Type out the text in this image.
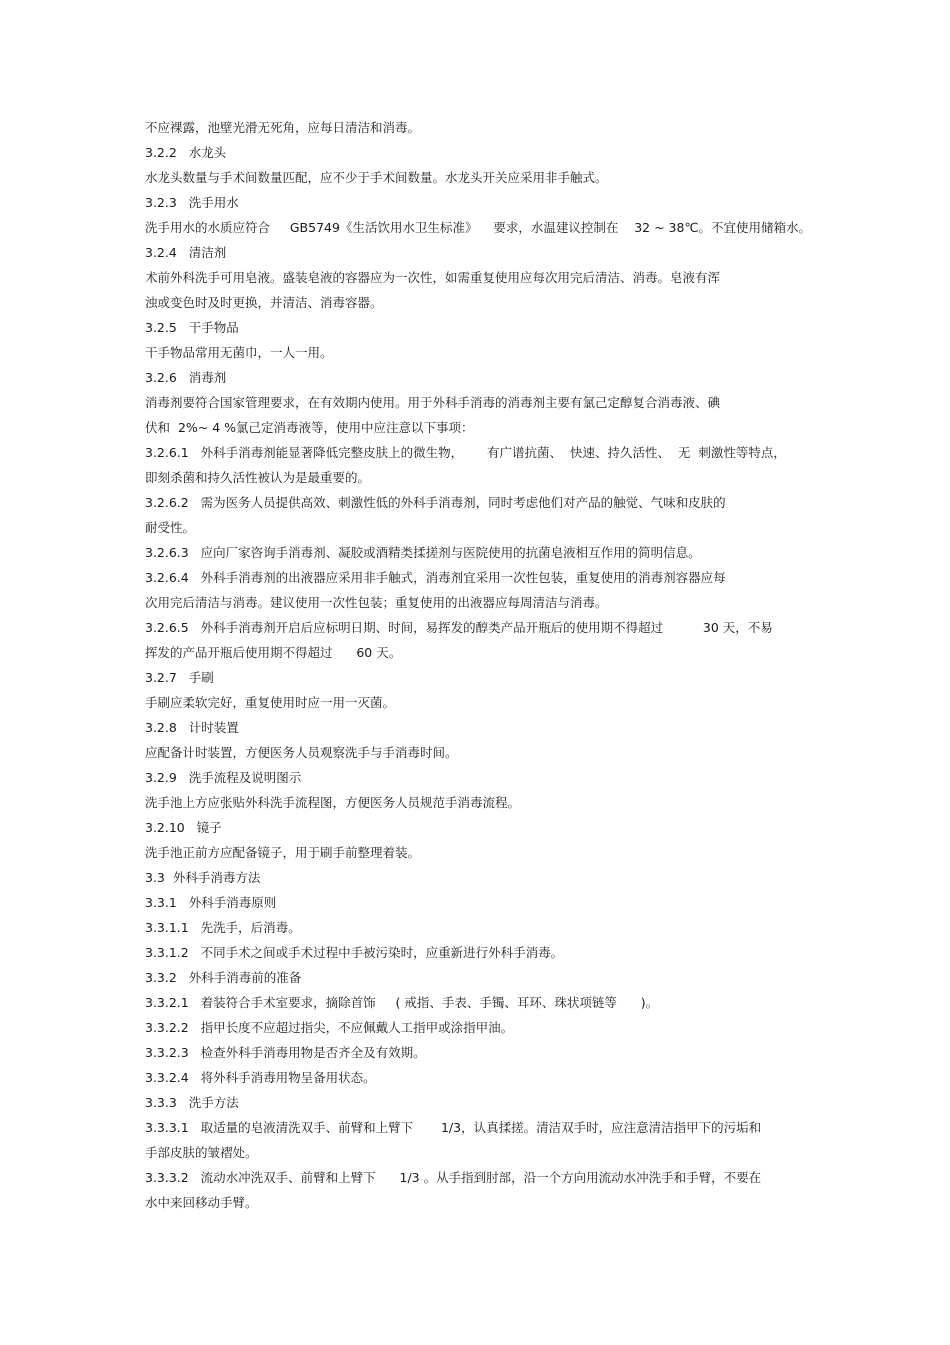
不应裸露，池壁光滑无死角，应每日清洁和消毒。
3.2.2   水龙头
水龙头数量与手术间数量匹配，应不少于手术间数量。水龙头开关应采用非手触式。
3.2.3   洗手用水
洗手用水的水质应符合     GB5749《生活饮用水卫生标准》    要求，水温建议控制在    32 ~ 38℃。不宜使用储箱水。
3.2.4   清洁剂
术前外科洗手可用皂液。盛装皂液的容器应为一次性，如需重复使用应每次用完后清洁、消毒。皂液有浑
浊或变色时及时更换，并清洁、消毒容器。
3.2.5   干手物品
干手物品常用无菌巾，一人一用。
3.2.6   消毒剂
消毒剂要符合国家管理要求，在有效期内使用。用于外科手消毒的消毒剂主要有氯己定醇复合消毒液、碘
伏和  2%~ 4 %氯己定消毒液等，使用中应注意以下事项：
3.2.6.1   外科手消毒剂能显著降低完整皮肤上的微生物，      有广谱抗菌、  快速、持久活性、  无  刺激性等特点，
即刻杀菌和持久活性被认为是最重要的。
3.2.6.2   需为医务人员提供高效、刺激性低的外科手消毒剂，同时考虑他们对产品的触觉、气味和皮肤的
耐受性。
3.2.6.3   应向厂家咨询手消毒剂、凝胶或酒精类揉搓剂与医院使用的抗菌皂液相互作用的简明信息。
3.2.6.4   外科手消毒剂的出液器应采用非手触式，消毒剂宜采用一次性包装，重复使用的消毒剂容器应每
次用完后清洁与消毒。建议使用一次性包装；重复使用的出液器应每周清洁与消毒。
3.2.6.5   外科手消毒剂开启后应标明日期、时间，易挥发的醇类产品开瓶后的使用期不得超过          30 天，不易
挥发的产品开瓶后使用期不得超过      60 天。
3.2.7   手刷
手刷应柔软完好，重复使用时应一用一灭菌。
3.2.8   计时装置
应配备计时装置，方便医务人员观察洗手与手消毒时间。
3.2.9   洗手流程及说明图示
洗手池上方应张贴外科洗手流程图，方便医务人员规范手消毒流程。
3.2.10   镜子
洗手池正前方应配备镜子，用于刷手前整理着装。
3.3  外科手消毒方法
3.3.1   外科手消毒原则
3.3.1.1   先洗手，后消毒。
3.3.1.2   不同手术之间或手术过程中手被污染时，应重新进行外科手消毒。
3.3.2   外科手消毒前的准备
3.3.2.1   着装符合手术室要求，摘除首饰     ( 戒指、手表、手镯、耳环、珠状项链等      )。
3.3.2.2   指甲长度不应超过指尖，不应佩戴人工指甲或涂指甲油。
3.3.2.3   检查外科手消毒用物是否齐全及有效期。
3.3.2.4   将外科手消毒用物呈备用状态。
3.3.3   洗手方法
3.3.3.1   取适量的皂液清洗双手、前臂和上臂下       1/3，认真揉搓。清洁双手时，应注意清洁指甲下的污垢和
手部皮肤的皱褶处。
3.3.3.2   流动水冲洗双手、前臂和上臂下      1/3 。从手指到肘部，沿一个方向用流动水冲洗手和手臂，不要在
水中来回移动手臂。
